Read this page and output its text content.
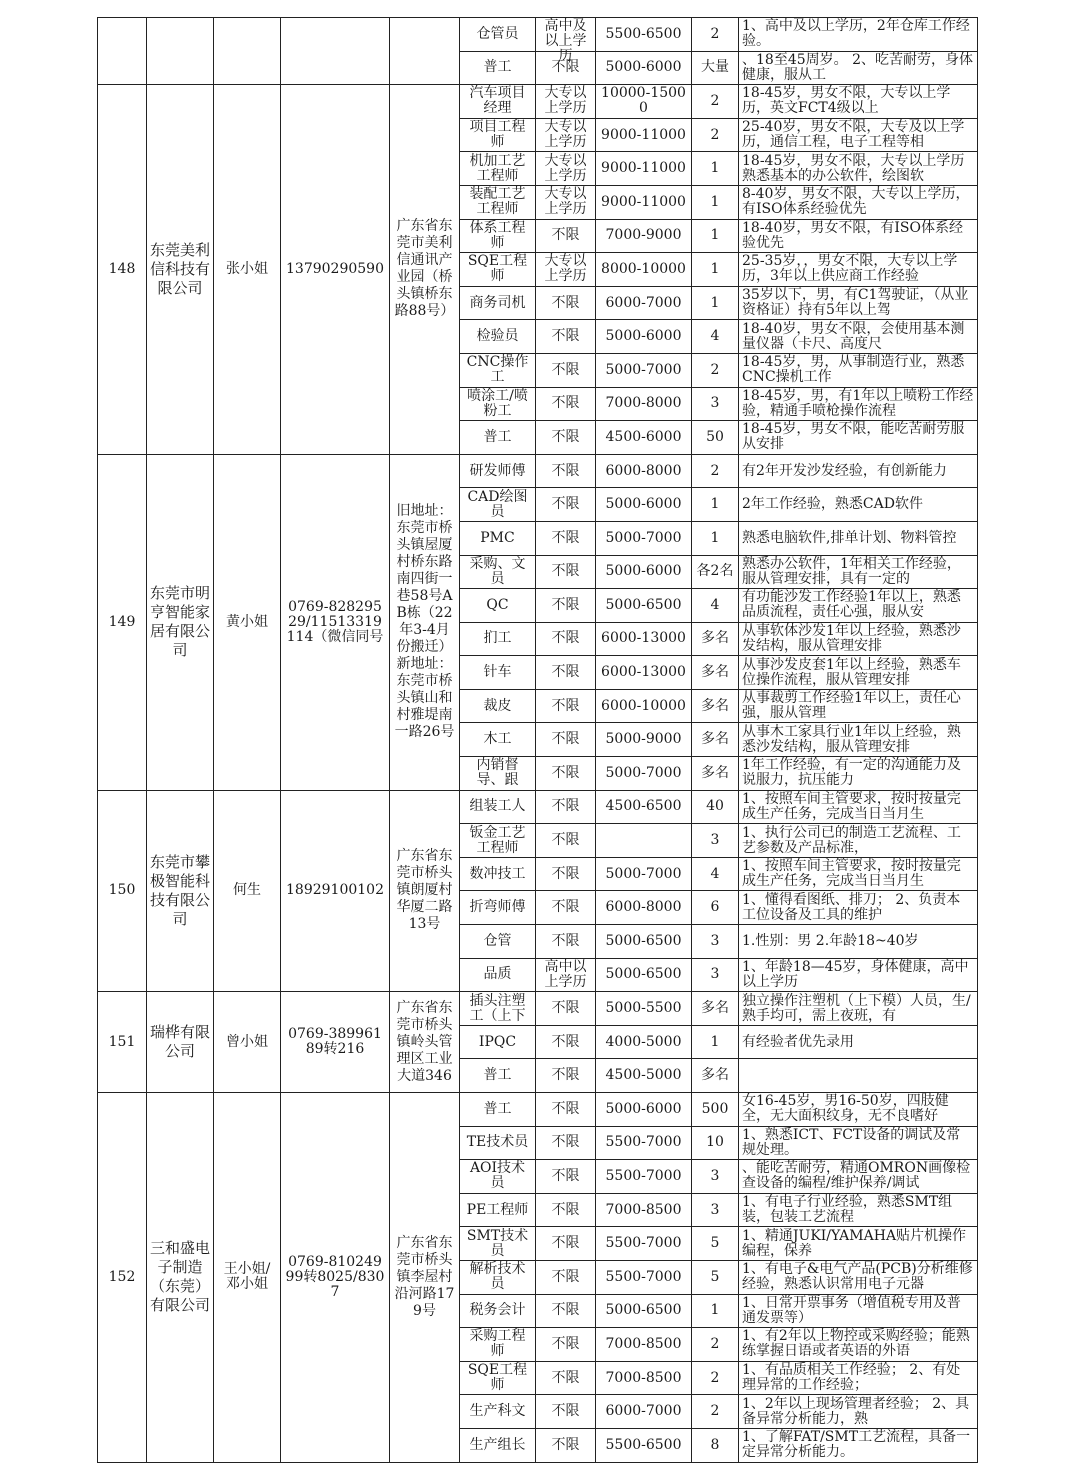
					仓管员	高中及以上学历	5500-6500	2	1、高中及以上学历，2年仓库工作经验。

					普工	不限	5000-6000	大量	、18至45周岁。 2、吃苦耐劳，身体健康，服从工

148	东莞美利信科技有限公司	张小姐	13790290590	广东省东莞市美利信通讯产业园（桥头镇桥东路88号）	汽车项目经理	大专以上学历	10000-15000	2	18-45岁，男女不限，大专以上学历，英文FCT4级以上

					项目工程师	大专以上学历	9000-11000	2	25-40岁，男女不限，大专及以上学历，通信工程，电子工程等相

					机加工艺工程师	大专以上学历	9000-11000	1	18-45岁，男女不限，大专以上学历熟悉基本的办公软件，绘图软

					装配工艺工程师	大专以上学历	9000-11000	1	8-40岁，男女不限，大专以上学历，有ISO体系经验优先

					体系工程师	不限	7000-9000	1	18-40岁，男女不限，有ISO体系经验优先

					SQE工程师	大专以上学历	8000-10000	1	25-35岁，，男女不限，大专以上学历，3年以上供应商工作经验

					商务司机	不限	6000-7000	1	35岁以下，男，有C1驾驶证，（从业资格证）持有5年以上驾

					检验员	不限	5000-6000	4	18-40岁，男女不限，会使用基本测量仪器（卡尺、高度尺

					CNC操作工	不限	5000-7000	2	18-45岁，男，从事制造行业，熟悉CNC操机工作

					喷涂工/喷粉工	不限	7000-8000	3	18-45岁，男，有1年以上喷粉工作经验，精通手喷枪操作流程

					普工	不限	4500-6000	50	18-45岁，男女不限，能吃苦耐劳服从安排

149	东莞市明亨智能家居有限公司	黄小姐	0769-82829529/11513319114（微信同号	旧地址：东莞市桥头镇屋厦村桥东路南四街一巷58号AB栋（22年3-4月份搬迁）新地址：东莞市桥头镇山和村雅堤南一路26号	研发师傅	不限	6000-8000	2	有2年开发沙发经验，有创新能力

					CAD绘图员	不限	5000-6000	1	2年工作经验，熟悉CAD软件

					PMC	不限	5000-7000	1	熟悉电脑软件,排单计划、物料管控

					采购、文员	不限	5000-6000	各2名	熟悉办公软件，1年相关工作经验，服从管理安排，具有一定的

					QC	不限	5000-6500	4	有功能沙发工作经验1年以上，熟悉品质流程，责任心强，服从安

					扪工	不限	6000-13000	多名	从事软体沙发1年以上经验，熟悉沙发结构，服从管理安排

					针车	不限	6000-13000	多名	从事沙发皮套1年以上经验，熟悉车位操作流程，服从管理安排

					裁皮	不限	6000-10000	多名	从事裁剪工作经验1年以上，责任心强，服从管理

					木工	不限	5000-9000	多名	从事木工家具行业1年以上经验，熟悉沙发结构，服从管理安排

					内销督导、跟	不限	5000-7000	多名	1年工作经验，有一定的沟通能力及说服力，抗压能力

150	东莞市攀极智能科技有限公司	何生	18929100102	广东省东莞市桥头镇朗厦村华厦二路13号	组装工人	不限	4500-6500	40	1、按照车间主管要求，按时按量完成生产任务，完成当日当月生

					钣金工艺工程师	不限		3	1、执行公司已的制造工艺流程、工艺参数及产品标准，

					数冲技工	不限	5000-7000	4	1、按照车间主管要求，按时按量完成生产任务，完成当日当月生

					折弯师傅	不限	6000-8000	6	1、懂得看图纸、排刀； 2、负责本工位设备及工具的维护

					仓管	不限	5000-6500	3	1.性别：男 2.年龄18~40岁

					品质	高中以上学历	5000-6500	3	1、年龄18—45岁，身体健康，高中以上学历

151	瑞桦有限公司	曾小姐	0769-38996189转216	广东省东莞市桥头镇岭头管理区工业大道346	插头注塑工（上下	不限	5000-5500	多名	独立操作注塑机（上下模）人员，生/熟手均可，需上夜班，有

					IPQC	不限	4000-5000	1	有经验者优先录用

					普工	不限	4500-5000	多名	

152	三和盛电子制造（东莞）有限公司	王小姐/邓小姐	0769-81024999转8025/8307	广东省东莞市桥头镇李屋村沿河路179号	普工	不限	5000-6000	500	女16-45岁，男16-50岁，四肢健全，无大面积纹身，无不良嗜好

					TE技术员	不限	5500-7000	10	1、熟悉ICT、FCT设备的调试及常规处理。

					AOI技术员	不限	5500-7000	3	、能吃苦耐劳，精通OMRON画像检查设备的编程/维护保养/调试

					PE工程师	不限	7000-8500	3	1、有电子行业经验，熟悉SMT组装，包装工艺流程

					SMT技术员	不限	5500-7000	5	1、精通JUKI/YAMAHA贴片机操作编程，保养

					解析技术员	不限	5500-7000	5	1、有电子&电气产品(PCB)分析维修经验，熟悉认识常用电子元器

					税务会计	不限	5000-6500	1	1、日常开票事务（增值税专用及普通发票等）

					采购工程师	不限	7000-8500	2	1、有2年以上物控或采购经验；能熟练掌握日语或者英语的外语

					SQE工程师	不限	7000-8500	2	1、有品质相关工作经验； 2、有处理异常的工作经验；

					生产科文	不限	6000-7000	2	1、2年以上现场管理者经验； 2、具备异常分析能力，熟

					生产组长	不限	5500-6500	8	1、了解FAT/SMT工艺流程，具备一定异常分析能力。
